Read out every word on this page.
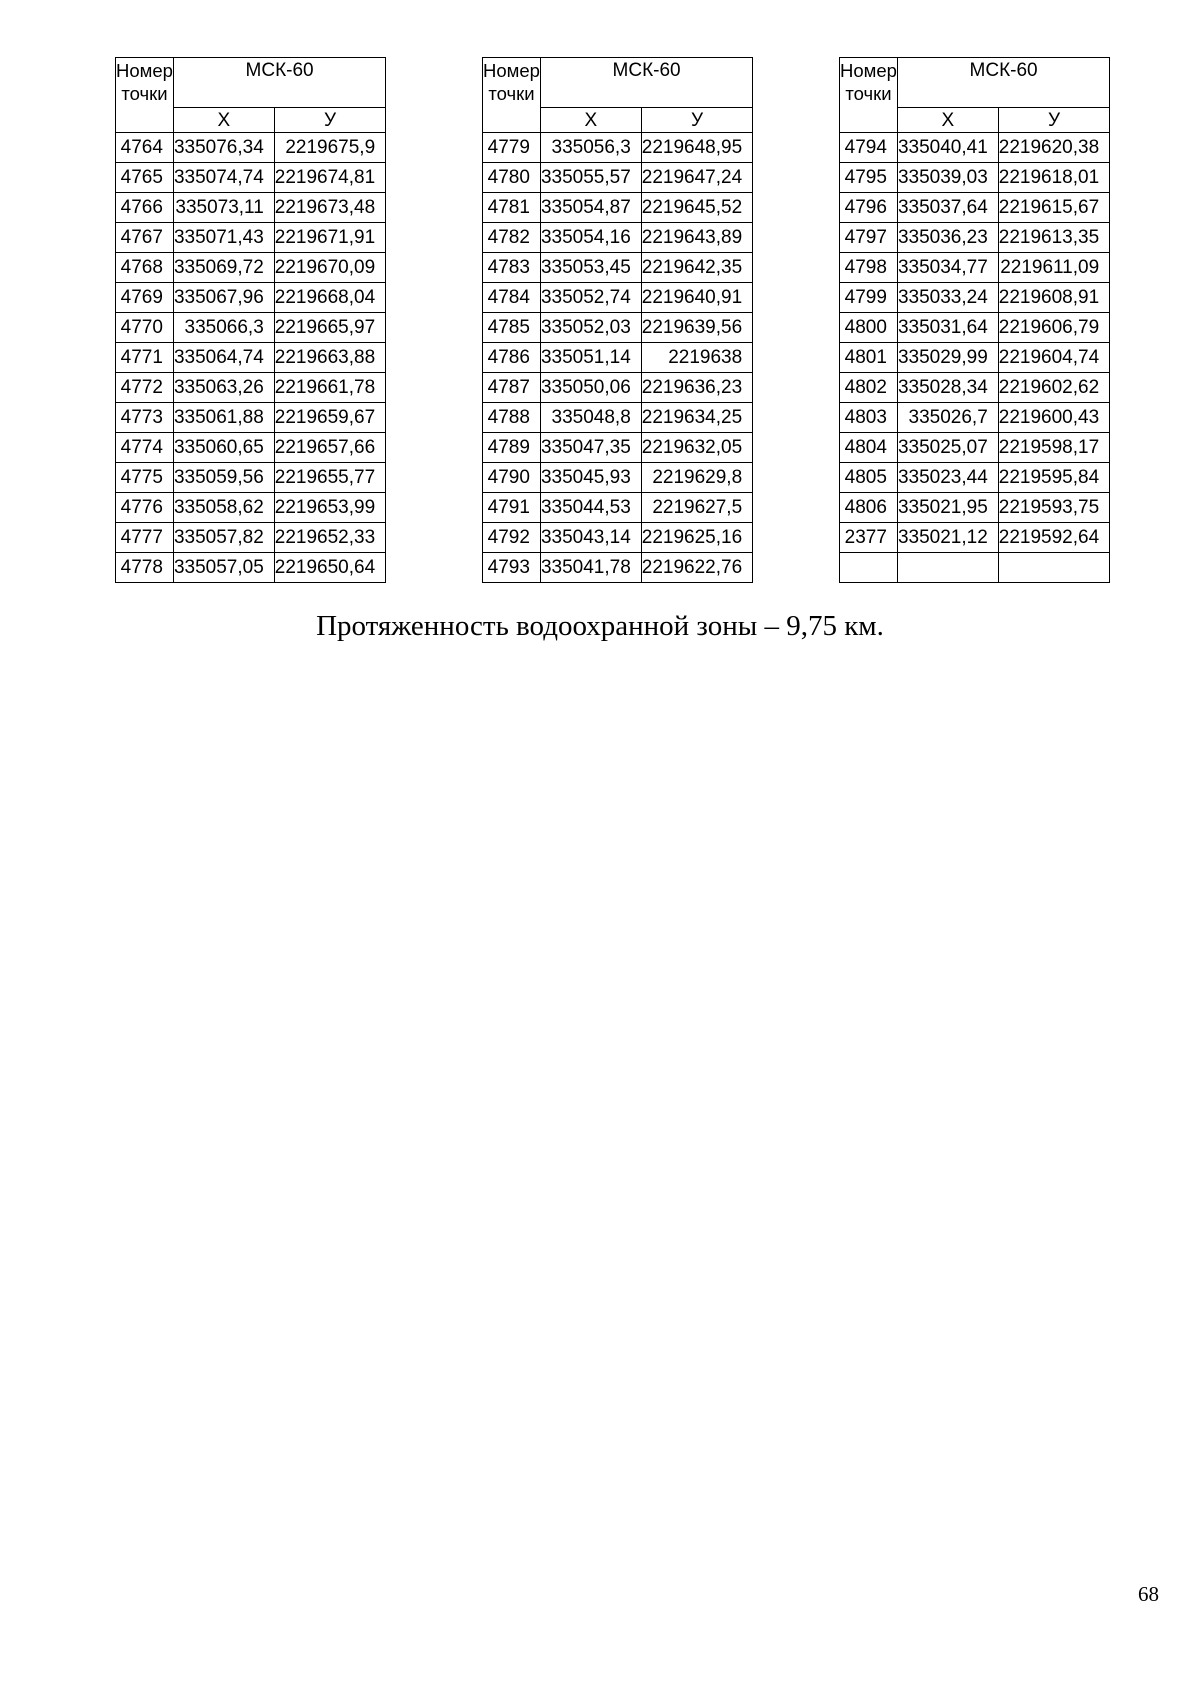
Номер точки	МСК-60	
	Х	У
4764	335076,34	2219675,9
4765	335074,74	2219674,81
4766	335073,11	2219673,48
4767	335071,43	2219671,91
4768	335069,72	2219670,09
4769	335067,96	2219668,04
4770	335066,3	2219665,97
4771	335064,74	2219663,88
4772	335063,26	2219661,78
4773	335061,88	2219659,67
4774	335060,65	2219657,66
4775	335059,56	2219655,77
4776	335058,62	2219653,99
4777	335057,82	2219652,33
4778	335057,05	2219650,64
Номер точки	МСК-60	
	Х	У
4779	335056,3	2219648,95
4780	335055,57	2219647,24
4781	335054,87	2219645,52
4782	335054,16	2219643,89
4783	335053,45	2219642,35
4784	335052,74	2219640,91
4785	335052,03	2219639,56
4786	335051,14	2219638
4787	335050,06	2219636,23
4788	335048,8	2219634,25
4789	335047,35	2219632,05
4790	335045,93	2219629,8
4791	335044,53	2219627,5
4792	335043,14	2219625,16
4793	335041,78	2219622,76
Номер точки	МСК-60	
	Х	У
4794	335040,41	2219620,38
4795	335039,03	2219618,01
4796	335037,64	2219615,67
4797	335036,23	2219613,35
4798	335034,77	2219611,09
4799	335033,24	2219608,91
4800	335031,64	2219606,79
4801	335029,99	2219604,74
4802	335028,34	2219602,62
4803	335026,7	2219600,43
4804	335025,07	2219598,17
4805	335023,44	2219595,84
4806	335021,95	2219593,75
2377	335021,12	2219592,64

Протяженность водоохранной зоны – 9,75 км.
68
